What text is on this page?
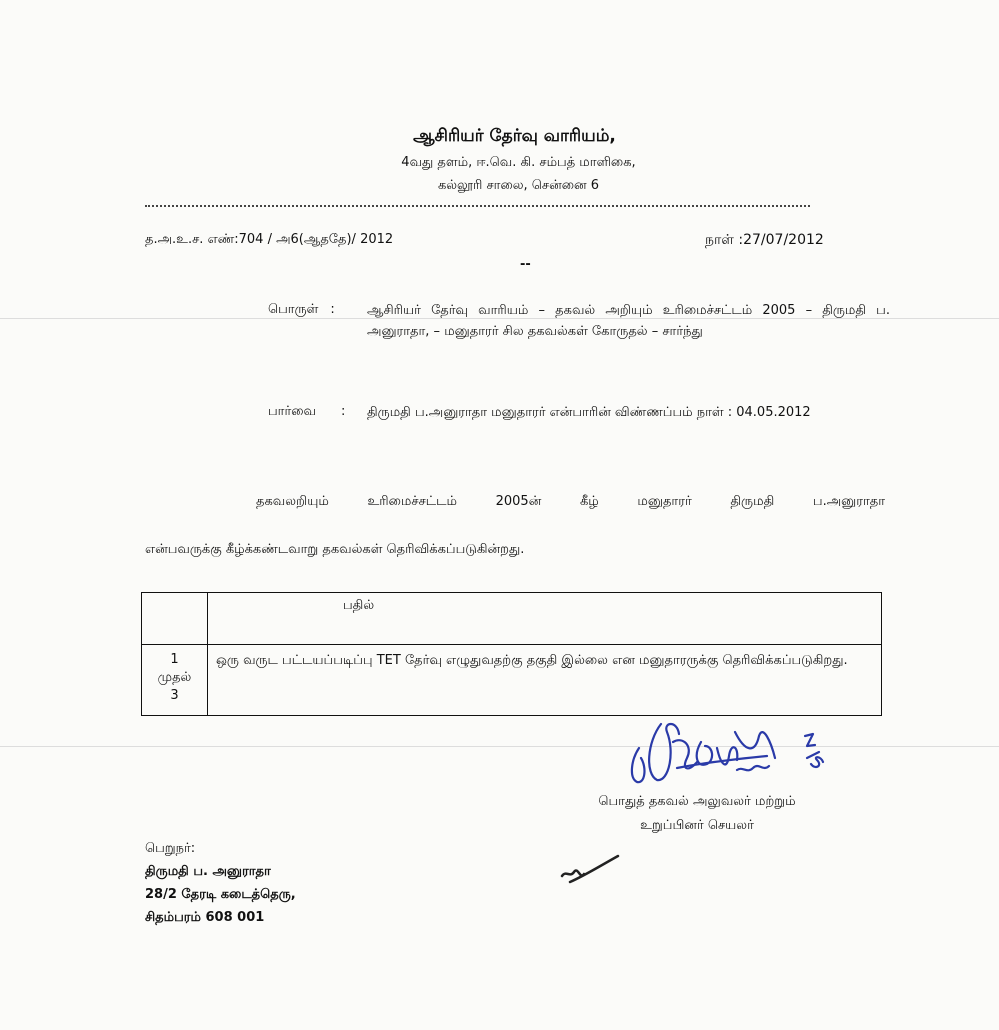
ஆசிரியர் தேர்வு வாரியம்,
4வது தளம், ஈ.வெ. கி. சம்பத் மாளிகை,
கல்லூரி சாலை, சென்னை 6
த.அ.உ.ச. எண்:704 / அ6(ஆததே)/ 2012	நாள் :27/07/2012
--
பொருள் : ஆசிரியர் தேர்வு வாரியம் – தகவல் அறியும் உரிமைச்சட்டம் 2005 – திருமதி ப. அனுராதா, – மனுதாரர் சில தகவல்கள் கோருதல் – சார்ந்து
பார்வை : திருமதி ப.அனுராதா மனுதாரர் என்பாரின் விண்ணப்பம் நாள் : 04.05.2012
தகவலறியும் உரிமைச்சட்டம் 2005ன் கீழ் மனுதாரர் திருமதி ப.அனுராதா
என்பவருக்கு கீழ்க்கண்டவாறு தகவல்கள் தெரிவிக்கப்படுகின்றது.
	பதில்
1
முதல்
3	ஒரு வருட பட்டயப்படிப்பு TET தேர்வு எழுதுவதற்கு தகுதி இல்லை என மனுதாரருக்கு தெரிவிக்கப்படுகிறது.
பொதுத் தகவல் அலுவலர் மற்றும்
உறுப்பினர் செயலர்
பெறுநர்:
திருமதி ப. அனுராதா
28/2 தேரடி கடைத்தெரு,
சிதம்பரம் 608 001
